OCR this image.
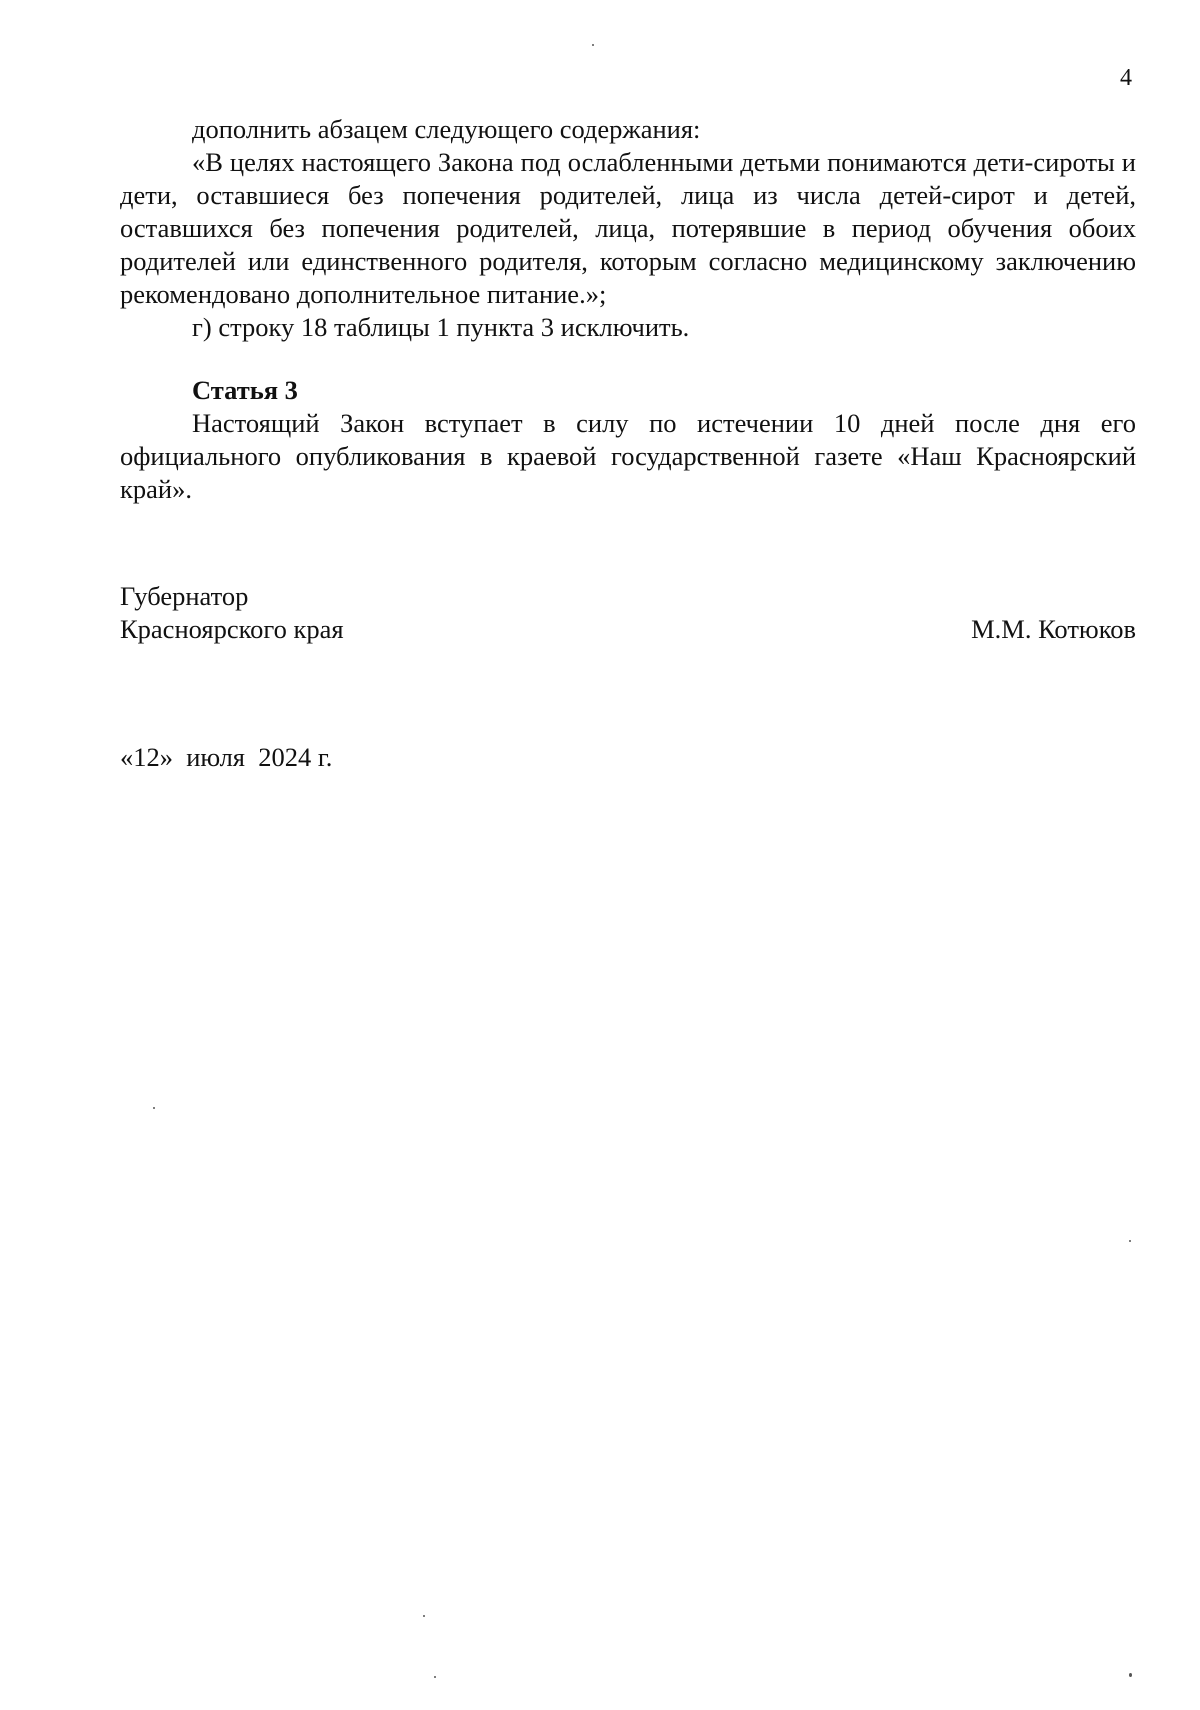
4

дополнить абзацем следующего содержания:

«В целях настоящего Закона под ослабленными детьми понимаются дети-сироты и дети, оставшиеся без попечения родителей, лица из числа детей-сирот и детей, оставшихся без попечения родителей, лица, потерявшие в период обучения обоих родителей или единственного родителя, которым согласно медицинскому заключению рекомендовано дополнительное питание.»;

г) строку 18 таблицы 1 пункта 3 исключить.

Статья 3

Настоящий Закон вступает в силу по истечении 10 дней после дня его официального опубликования в краевой государственной газете «Наш Красноярский край».

Губернатор
Красноярского края	М.М. Котюков
«12»  июля  2024 г.
